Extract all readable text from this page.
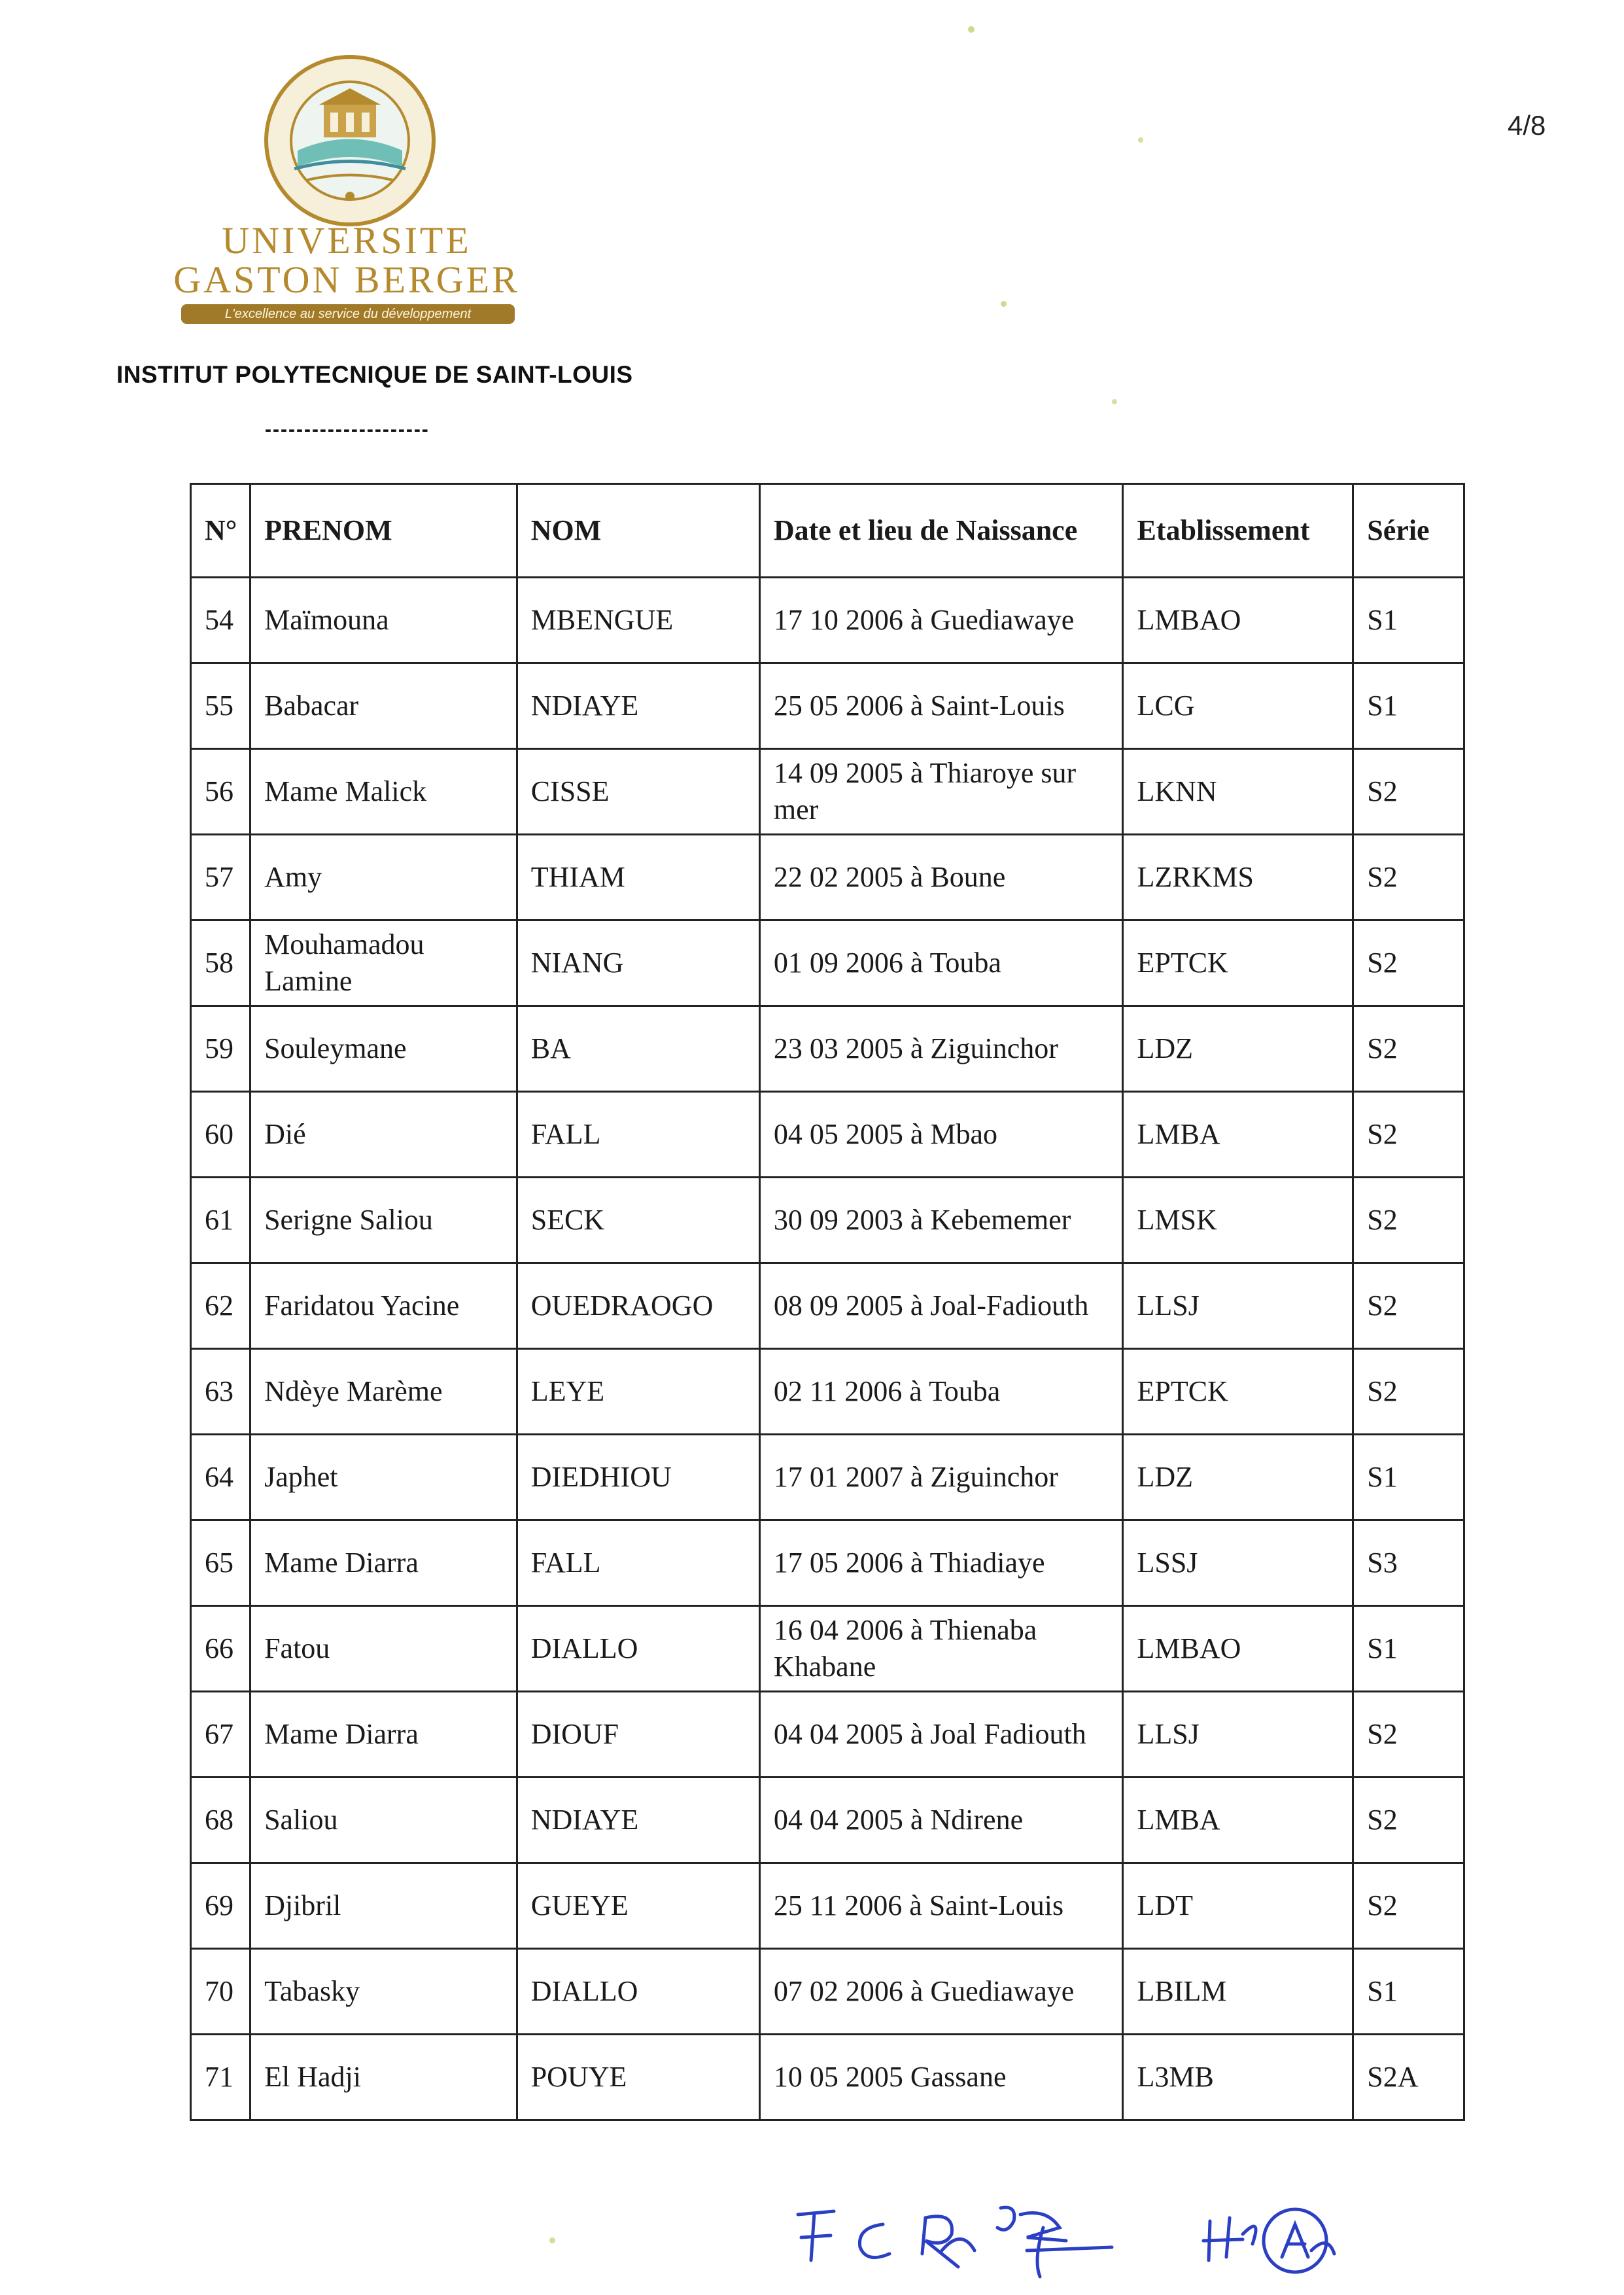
4/8
UNIVERSITE
GASTON BERGER
L'excellence au service du développement
INSTITUT POLYTECNIQUE DE SAINT-LOUIS
---------------------
N°	PRENOM	NOM	Date et lieu de Naissance	Etablissement	Série
54	Maïmouna	MBENGUE	17 10 2006 à Guediawaye	LMBAO	S1
55	Babacar	NDIAYE	25 05 2006 à Saint-Louis	LCG	S1
56	Mame Malick	CISSE	14 09 2005 à Thiaroye sur mer	LKNN	S2
57	Amy	THIAM	22 02 2005 à Boune	LZRKMS	S2
58	Mouhamadou Lamine	NIANG	01 09 2006 à Touba	EPTCK	S2
59	Souleymane	BA	23 03 2005 à Ziguinchor	LDZ	S2
60	Dié	FALL	04 05 2005 à Mbao	LMBA	S2
61	Serigne Saliou	SECK	30 09 2003 à Kebememer	LMSK	S2
62	Faridatou Yacine	OUEDRAOGO	08 09 2005 à Joal-Fadiouth	LLSJ	S2
63	Ndèye Marème	LEYE	02 11 2006 à Touba	EPTCK	S2
64	Japhet	DIEDHIOU	17 01 2007 à Ziguinchor	LDZ	S1
65	Mame Diarra	FALL	17 05 2006 à Thiadiaye	LSSJ	S3
66	Fatou	DIALLO	16 04 2006 à Thienaba Khabane	LMBAO	S1
67	Mame Diarra	DIOUF	04 04 2005 à Joal Fadiouth	LLSJ	S2
68	Saliou	NDIAYE	04 04 2005 à Ndirene	LMBA	S2
69	Djibril	GUEYE	25 11 2006 à Saint-Louis	LDT	S2
70	Tabasky	DIALLO	07 02 2006 à Guediawaye	LBILM	S1
71	El Hadji	POUYE	10 05 2005 Gassane	L3MB	S2A
